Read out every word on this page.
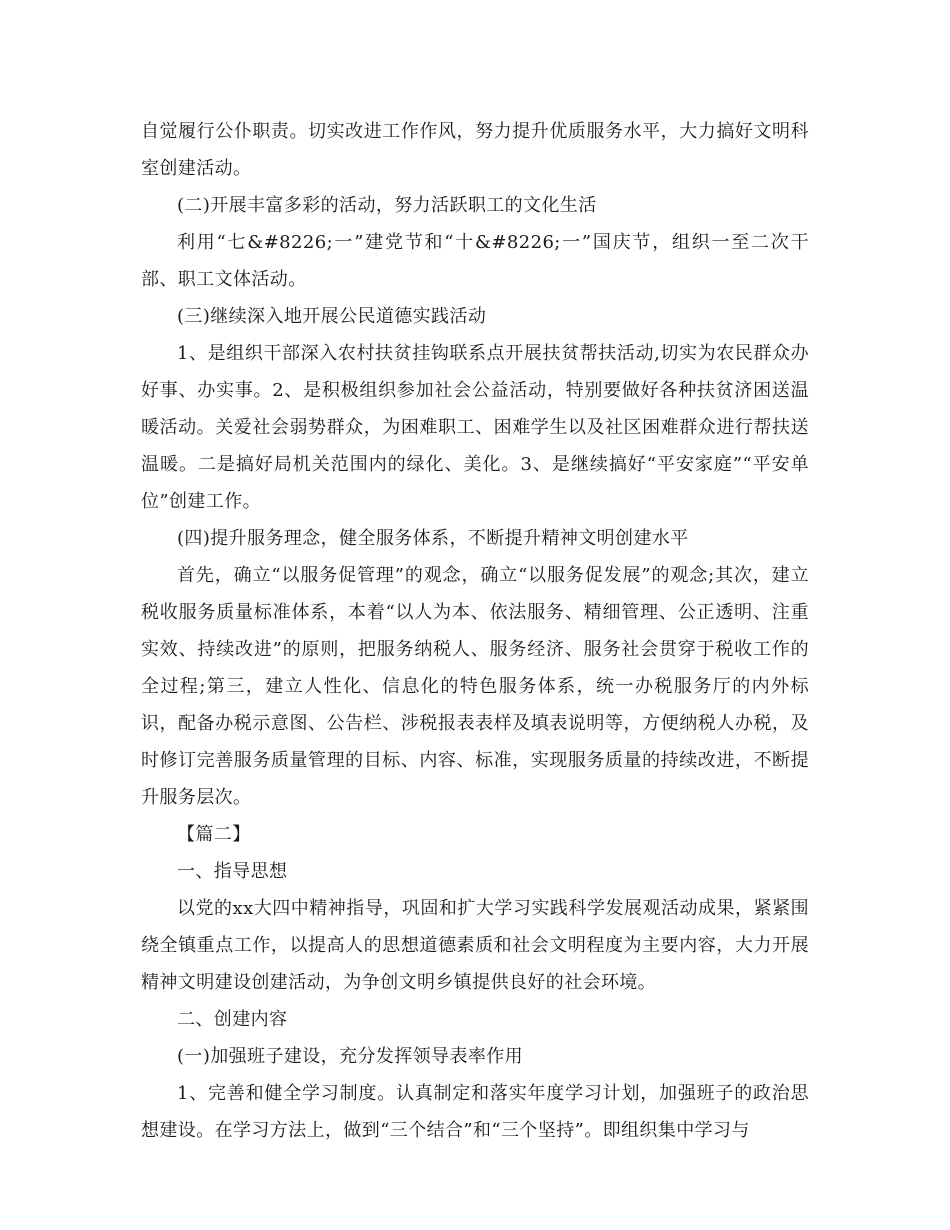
自觉履行公仆职责。切实改进工作作风，努力提升优质服务水平，大力搞好文明科室创建活动。

(二)开展丰富多彩的活动，努力活跃职工的文化生活

利用“七&#8226;一”建党节和“十&#8226;一”国庆节，组织一至二次干部、职工文体活动。

(三)继续深入地开展公民道德实践活动

1、是组织干部深入农村扶贫挂钩联系点开展扶贫帮扶活动,切实为农民群众办好事、办实事。2、是积极组织参加社会公益活动，特别要做好各种扶贫济困送温暖活动。关爱社会弱势群众，为困难职工、困难学生以及社区困难群众进行帮扶送温暖。二是搞好局机关范围内的绿化、美化。3、是继续搞好“平安家庭”“平安单位”创建工作。

(四)提升服务理念，健全服务体系，不断提升精神文明创建水平

首先，确立“以服务促管理”的观念，确立“以服务促发展”的观念;其次，建立税收服务质量标准体系，本着“以人为本、依法服务、精细管理、公正透明、注重实效、持续改进”的原则，把服务纳税人、服务经济、服务社会贯穿于税收工作的全过程;第三，建立人性化、信息化的特色服务体系，统一办税服务厅的内外标识，配备办税示意图、公告栏、涉税报表表样及填表说明等，方便纳税人办税，及时修订完善服务质量管理的目标、内容、标准，实现服务质量的持续改进，不断提升服务层次。

【篇二】

一、指导思想

以党的xx大四中精神指导，巩固和扩大学习实践科学发展观活动成果，紧紧围绕全镇重点工作，以提高人的思想道德素质和社会文明程度为主要内容，大力开展精神文明建设创建活动，为争创文明乡镇提供良好的社会环境。

二、创建内容

(一)加强班子建设，充分发挥领导表率作用

1、完善和健全学习制度。认真制定和落实年度学习计划，加强班子的政治思想建设。在学习方法上，做到“三个结合”和“三个坚持”。即组织集中学习与
